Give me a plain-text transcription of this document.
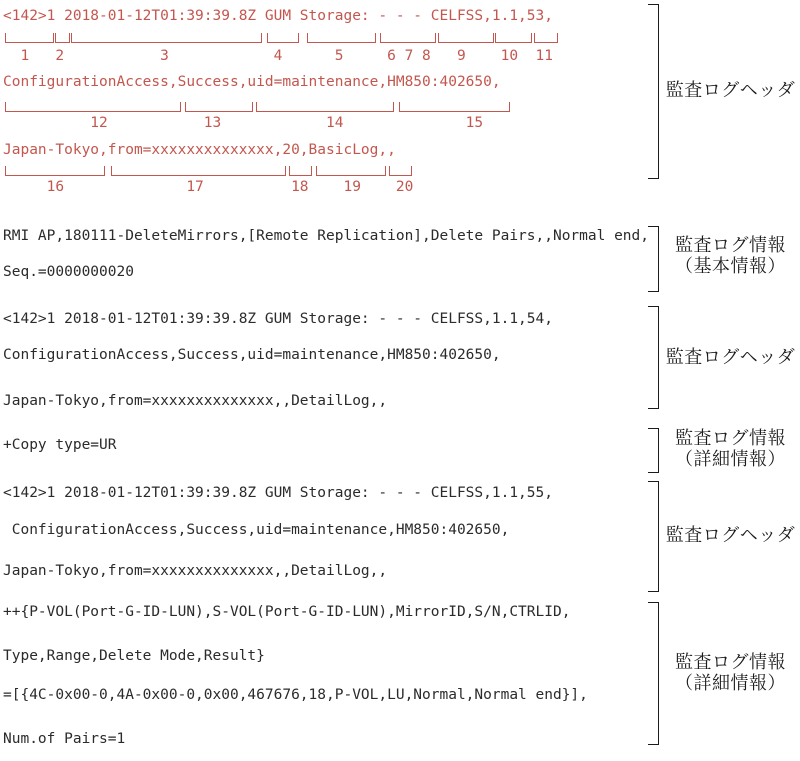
<142>1 2018-01-12T01:39:39.8Z GUM Storage: - - - CELFSS,1.1,53,
1   2           3            4      5     6 7 8   9    10  11
ConfigurationAccess,Success,uid=maintenance,HM850:402650,
12           13            14              15
Japan-Tokyo,from=xxxxxxxxxxxxxx,20,BasicLog,,
16              17          18    19    20
RMI AP,180111-DeleteMirrors,[Remote Replication],Delete Pairs,,Normal end,
Seq.=0000000020
<142>1 2018-01-12T01:39:39.8Z GUM Storage: - - - CELFSS,1.1,54,
ConfigurationAccess,Success,uid=maintenance,HM850:402650,
Japan-Tokyo,from=xxxxxxxxxxxxxx,,DetailLog,,
+Copy type=UR
<142>1 2018-01-12T01:39:39.8Z GUM Storage: - - - CELFSS,1.1,55,
ConfigurationAccess,Success,uid=maintenance,HM850:402650,
Japan-Tokyo,from=xxxxxxxxxxxxxx,,DetailLog,,
++{P-VOL(Port-G-ID-LUN),S-VOL(Port-G-ID-LUN),MirrorID,S/N,CTRLID,
Type,Range,Delete Mode,Result}
=[{4C-0x00-0,4A-0x00-0,0x00,467676,18,P-VOL,LU,Normal,Normal end}],
Num.of Pairs=1
監査ログヘッダ
監査ログ情報
（基本情報）
監査ログヘッダ
監査ログ情報
（詳細情報）
監査ログヘッダ
監査ログ情報
（詳細情報）
